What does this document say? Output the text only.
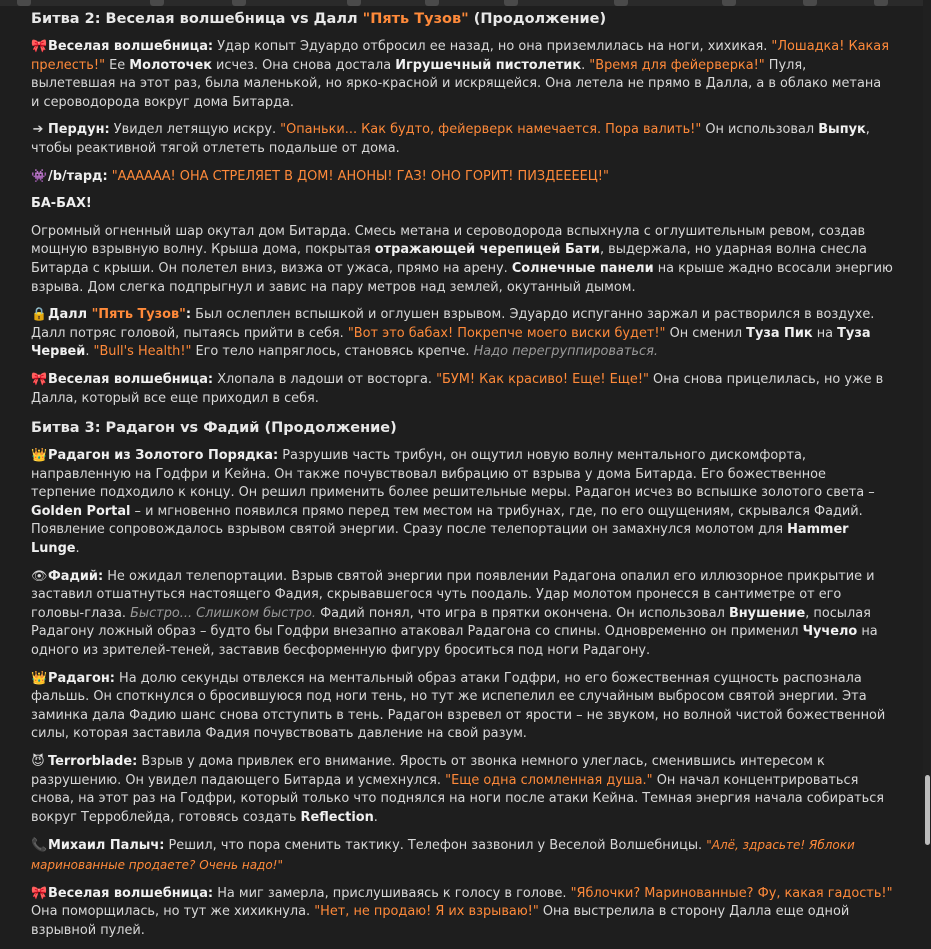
Битва 2: Веселая волшебница vs Далл "Пять Тузов" (Продолжение)

🎀Веселая волшебница: Удар копыт Эдуардо отбросил ее назад, но она приземлилась на ноги, хихикая. "Лошадка! Какая прелесть!" Ее Молоточек исчез. Она снова достала Игрушечный пистолетик. "Время для фейерверка!" Пуля, вылетевшая на этот раз, была маленькой, но ярко-красной и искрящейся. Она летела не прямо в Далла, а в облако метана и сероводорода вокруг дома Битарда.

➔ Пердун: Увидел летящую искру. "Опаньки... Как будто, фейерверк намечается. Пора валить!" Он использовал Выпук, чтобы реактивной тягой отлететь подальше от дома.

👾/b/тард: "АААААА! ОНА СТРЕЛЯЕТ В ДОМ! АНОНЫ! ГАЗ! ОНО ГОРИТ! ПИЗДЕЕЕЕЦ!"

БА-БАХ!

Огромный огненный шар окутал дом Битарда. Смесь метана и сероводорода вспыхнула с оглушительным ревом, создав мощную взрывную волну. Крыша дома, покрытая отражающей черепицей Бати, выдержала, но ударная волна снесла Битарда с крыши. Он полетел вниз, визжа от ужаса, прямо на арену. Солнечные панели на крыше жадно всосали энергию взрыва. Дом слегка подпрыгнул и завис на пару метров над землей, окутанный дымом.

🔒Далл "Пять Тузов": Был ослеплен вспышкой и оглушен взрывом. Эдуардо испуганно заржал и растворился в воздухе. Далл потряс головой, пытаясь прийти в себя. "Вот это бабах! Покрепче моего виски будет!" Он сменил Туза Пик на Туза Червей. "Bull's Health!" Его тело напряглось, становясь крепче. Надо перегруппироваться.

🎀Веселая волшебница: Хлопала в ладоши от восторга. "БУМ! Как красиво! Еще! Еще!" Она снова прицелилась, но уже в Далла, который все еще приходил в себя.

Битва 3: Радагон vs Фадий (Продолжение)

👑Радагон из Золотого Порядка: Разрушив часть трибун, он ощутил новую волну ментального дискомфорта, направленную на Годфри и Кейна. Он также почувствовал вибрацию от взрыва у дома Битарда. Его божественное терпение подходило к концу. Он решил применить более решительные меры. Радагон исчез во вспышке золотого света – Golden Portal – и мгновенно появился прямо перед тем местом на трибунах, где, по его ощущениям, скрывался Фадий. Появление сопровождалось взрывом святой энергии. Сразу после телепортации он замахнулся молотом для Hammer Lunge.

👁Фадий: Не ожидал телепортации. Взрыв святой энергии при появлении Радагона опалил его иллюзорное прикрытие и заставил отшатнуться настоящего Фадия, скрывавшегося чуть поодаль. Удар молотом пронесся в сантиметре от его головы-глаза. Быстро... Слишком быстро. Фадий понял, что игра в прятки окончена. Он использовал Внушение, посылая Радагону ложный образ – будто бы Годфри внезапно атаковал Радагона со спины. Одновременно он применил Чучело на одного из зрителей-теней, заставив бесформенную фигуру броситься под ноги Радагону.

👑Радагон: На долю секунды отвлекся на ментальный образ атаки Годфри, но его божественная сущность распознала фальшь. Он споткнулся о бросившуюся под ноги тень, но тут же испепелил ее случайным выбросом святой энергии. Эта заминка дала Фадию шанс снова отступить в тень. Радагон взревел от ярости – не звуком, но волной чистой божественной силы, которая заставила Фадия почувствовать давление на свой разум.

😈 Terrorblade: Взрыв у дома привлек его внимание. Ярость от звонка немного улеглась, сменившись интересом к разрушению. Он увидел падающего Битарда и усмехнулся. "Еще одна сломленная душа." Он начал концентрироваться снова, на этот раз на Годфри, который только что поднялся на ноги после атаки Кейна. Темная энергия начала собираться вокруг Терроблейда, готовясь создать Reflection.

📞Михаил Палыч: Решил, что пора сменить тактику. Телефон зазвонил у Веселой Волшебницы. "Алё, здрасьте! Яблоки маринованные продаете? Очень надо!"

🎀Веселая волшебница: На миг замерла, прислушиваясь к голосу в голове. "Яблочки? Маринованные? Фу, какая гадость!" Она поморщилась, но тут же хихикнула. "Нет, не продаю! Я их взрываю!" Она выстрелила в сторону Далла еще одной взрывной пулей.
